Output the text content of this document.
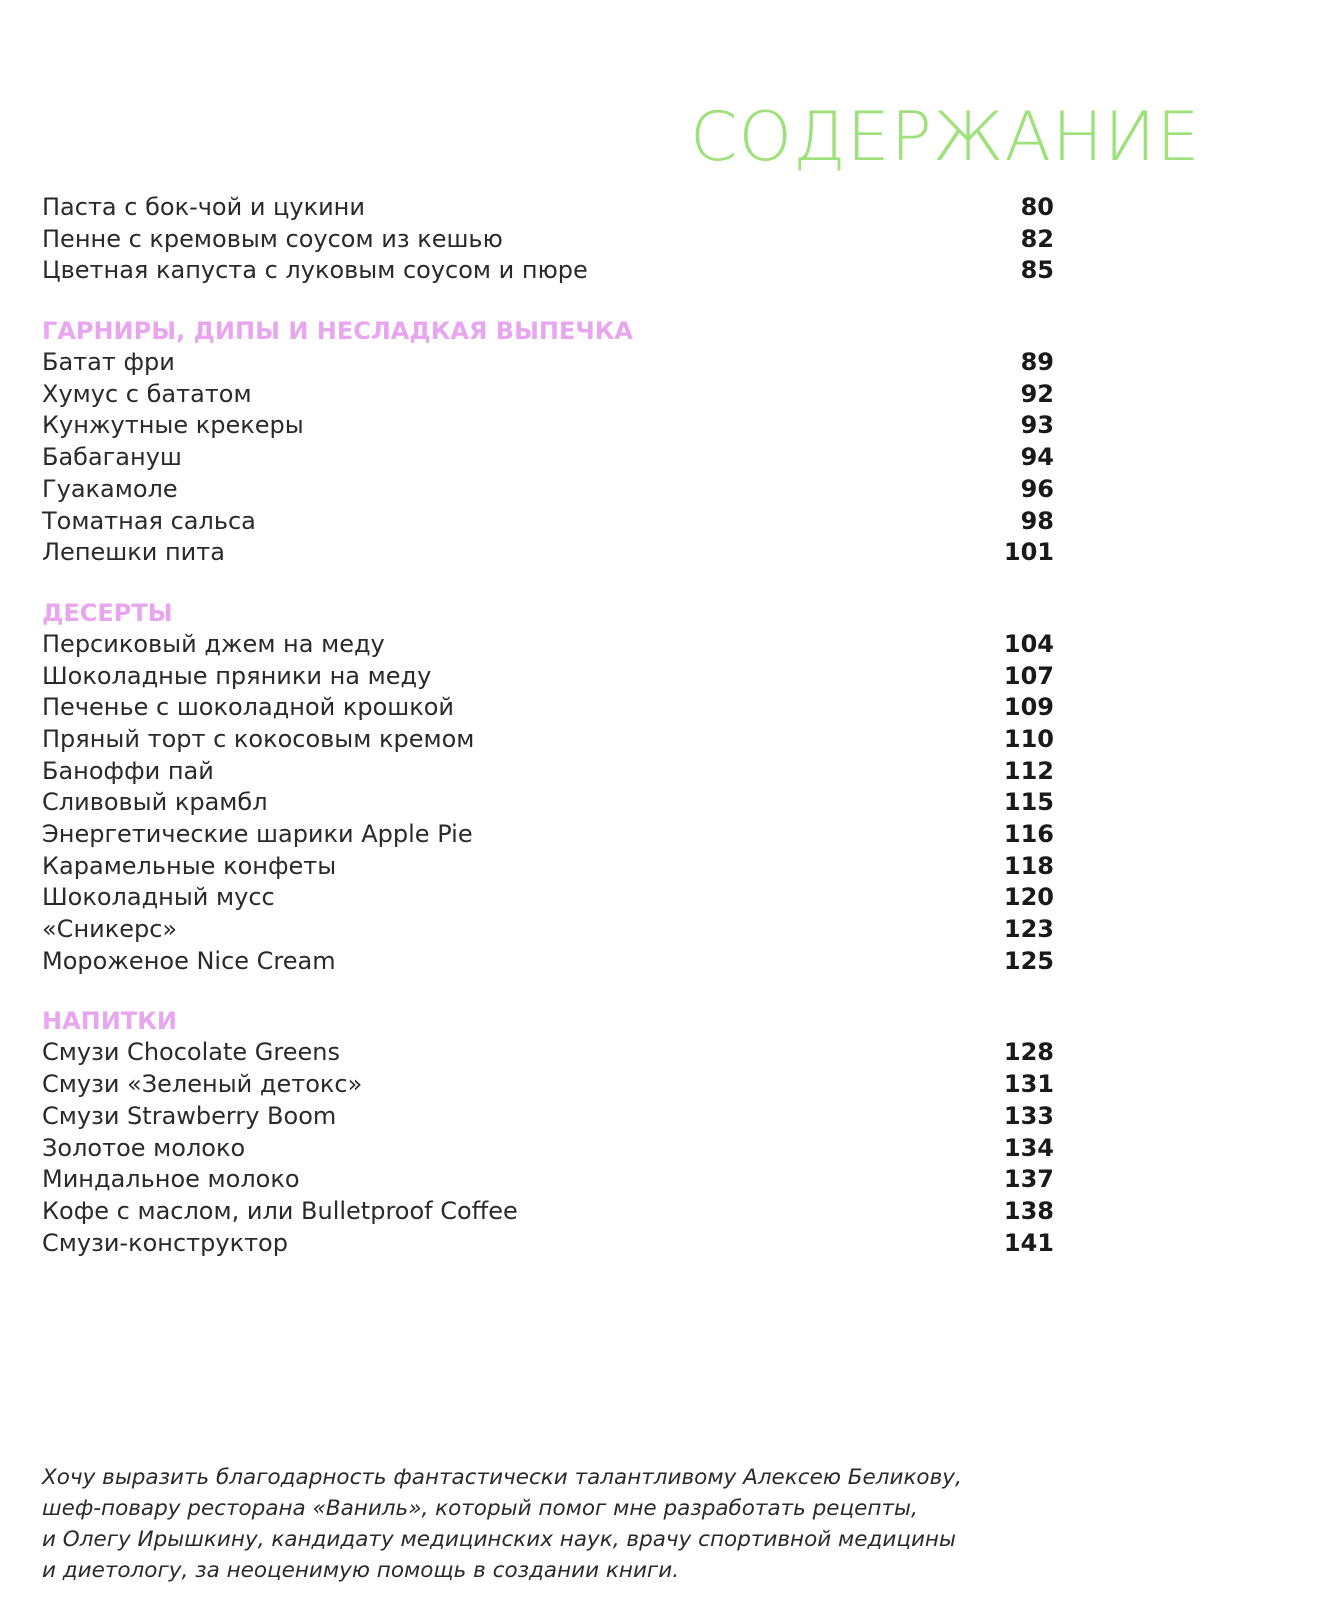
СОДЕРЖАНИЕ
Паста с бок-чой и цукини	80
Пенне с кремовым соусом из кешью	82
Цветная капуста с луковым соусом и пюре	85
ГАРНИРЫ, ДИПЫ И НЕСЛАДКАЯ ВЫПЕЧКА
Батат фри	89
Хумус с бататом	92
Кунжутные крекеры	93
Бабагануш	94
Гуакамоле	96
Томатная сальса	98
Лепешки пита	101
ДЕСЕРТЫ
Персиковый джем на меду	104
Шоколадные пряники на меду	107
Печенье с шоколадной крошкой	109
Пряный торт с кокосовым кремом	110
Баноффи пай	112
Сливовый крамбл	115
Энергетические шарики Apple Pie	116
Карамельные конфеты	118
Шоколадный мусс	120
«Сникерс»	123
Мороженое Nice Cream	125
НАПИТКИ
Смузи Chocolate Greens	128
Смузи «Зеленый детокс»	131
Смузи Strawberry Boom	133
Золотое молоко	134
Миндальное молоко	137
Кофе с маслом, или Bulletproof Coffee	138
Смузи-конструктор	141
Хочу выразить благодарность фантастически талантливому Алексею Беликову,
шеф-повару ресторана «Ваниль», который помог мне разработать рецепты,
и Олегу Ирышкину, кандидату медицинских наук, врачу спортивной медицины
и диетологу, за неоценимую помощь в создании книги.
